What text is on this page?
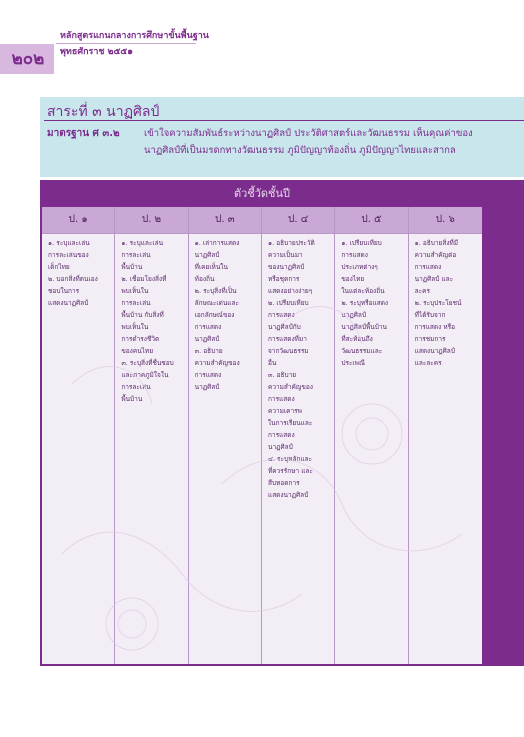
๒๐๒
หลักสูตรแกนกลางการศึกษาขั้นพื้นฐาน
พุทธศักราช ๒๕๕๑
สาระที่ ๓ นาฏศิลป์
มาตรฐาน ศ ๓.๒	เข้าใจความสัมพันธ์ระหว่างนาฏศิลป์ ประวัติศาสตร์และวัฒนธรรม เห็นคุณค่าของ
นาฏศิลป์ที่เป็นมรดกทางวัฒนธรรม ภูมิปัญญาท้องถิ่น ภูมิปัญญาไทยและสากล
ตัวชี้วัดชั้นปี
ป. ๑
๑. ระบุและเล่น
การละเล่นของ
เด็กไทย
๒. บอกสิ่งที่ตนเอง
ชอบในการ
แสดงนาฏศิลป์
ป. ๒
๑. ระบุและเล่น
การละเล่น
พื้นบ้าน
๒. เชื่อมโยงสิ่งที่
พบเห็นใน
การละเล่น
พื้นบ้าน กับสิ่งที่
พบเห็นใน
การดำรงชีวิต
ของคนไทย
๓. ระบุสิ่งที่ชื่นชอบ
และภาคภูมิใจใน
การละเล่น
พื้นบ้าน
ป. ๓
๑. เล่าการแสดง
นาฏศิลป์
ที่เคยเห็นใน
ท้องถิ่น
๒. ระบุสิ่งที่เป็น
ลักษณะเด่นและ
เอกลักษณ์ของ
การแสดง
นาฏศิลป์
๓. อธิบาย
ความสำคัญของ
การแสดง
นาฏศิลป์
ป. ๔
๑. อธิบายประวัติ
ความเป็นมา
ของนาฏศิลป์
หรือชุดการ
แสดงอย่างง่ายๆ
๒. เปรียบเทียบ
การแสดง
นาฏศิลป์กับ
การแสดงที่มา
จากวัฒนธรรม
อื่น
๓. อธิบาย
ความสำคัญของ
การแสดง
ความเคารพ
ในการเรียนและ
การแสดง
นาฏศิลป์
๔. ระบุหลักและ
ที่ควรรักษา และ
สืบทอดการ
แสดงนาฏศิลป์
ป. ๕
๑. เปรียบเทียบ
การแสดง
ประเภทต่างๆ
ของไทย
ในแต่ละท้องถิ่น
๒. ระบุหรือแสดง
นาฏศิลป์
นาฏศิลป์พื้นบ้าน
ที่สะท้อนถึง
วัฒนธรรมและ
ประเพณี
ป. ๖
๑. อธิบายสิ่งที่มี
ความสำคัญต่อ
การแสดง
นาฏศิลป์ และ
ละคร
๒. ระบุประโยชน์
ที่ได้รับจาก
การแสดง หรือ
การชมการ
แสดงนาฏศิลป์
และละคร
